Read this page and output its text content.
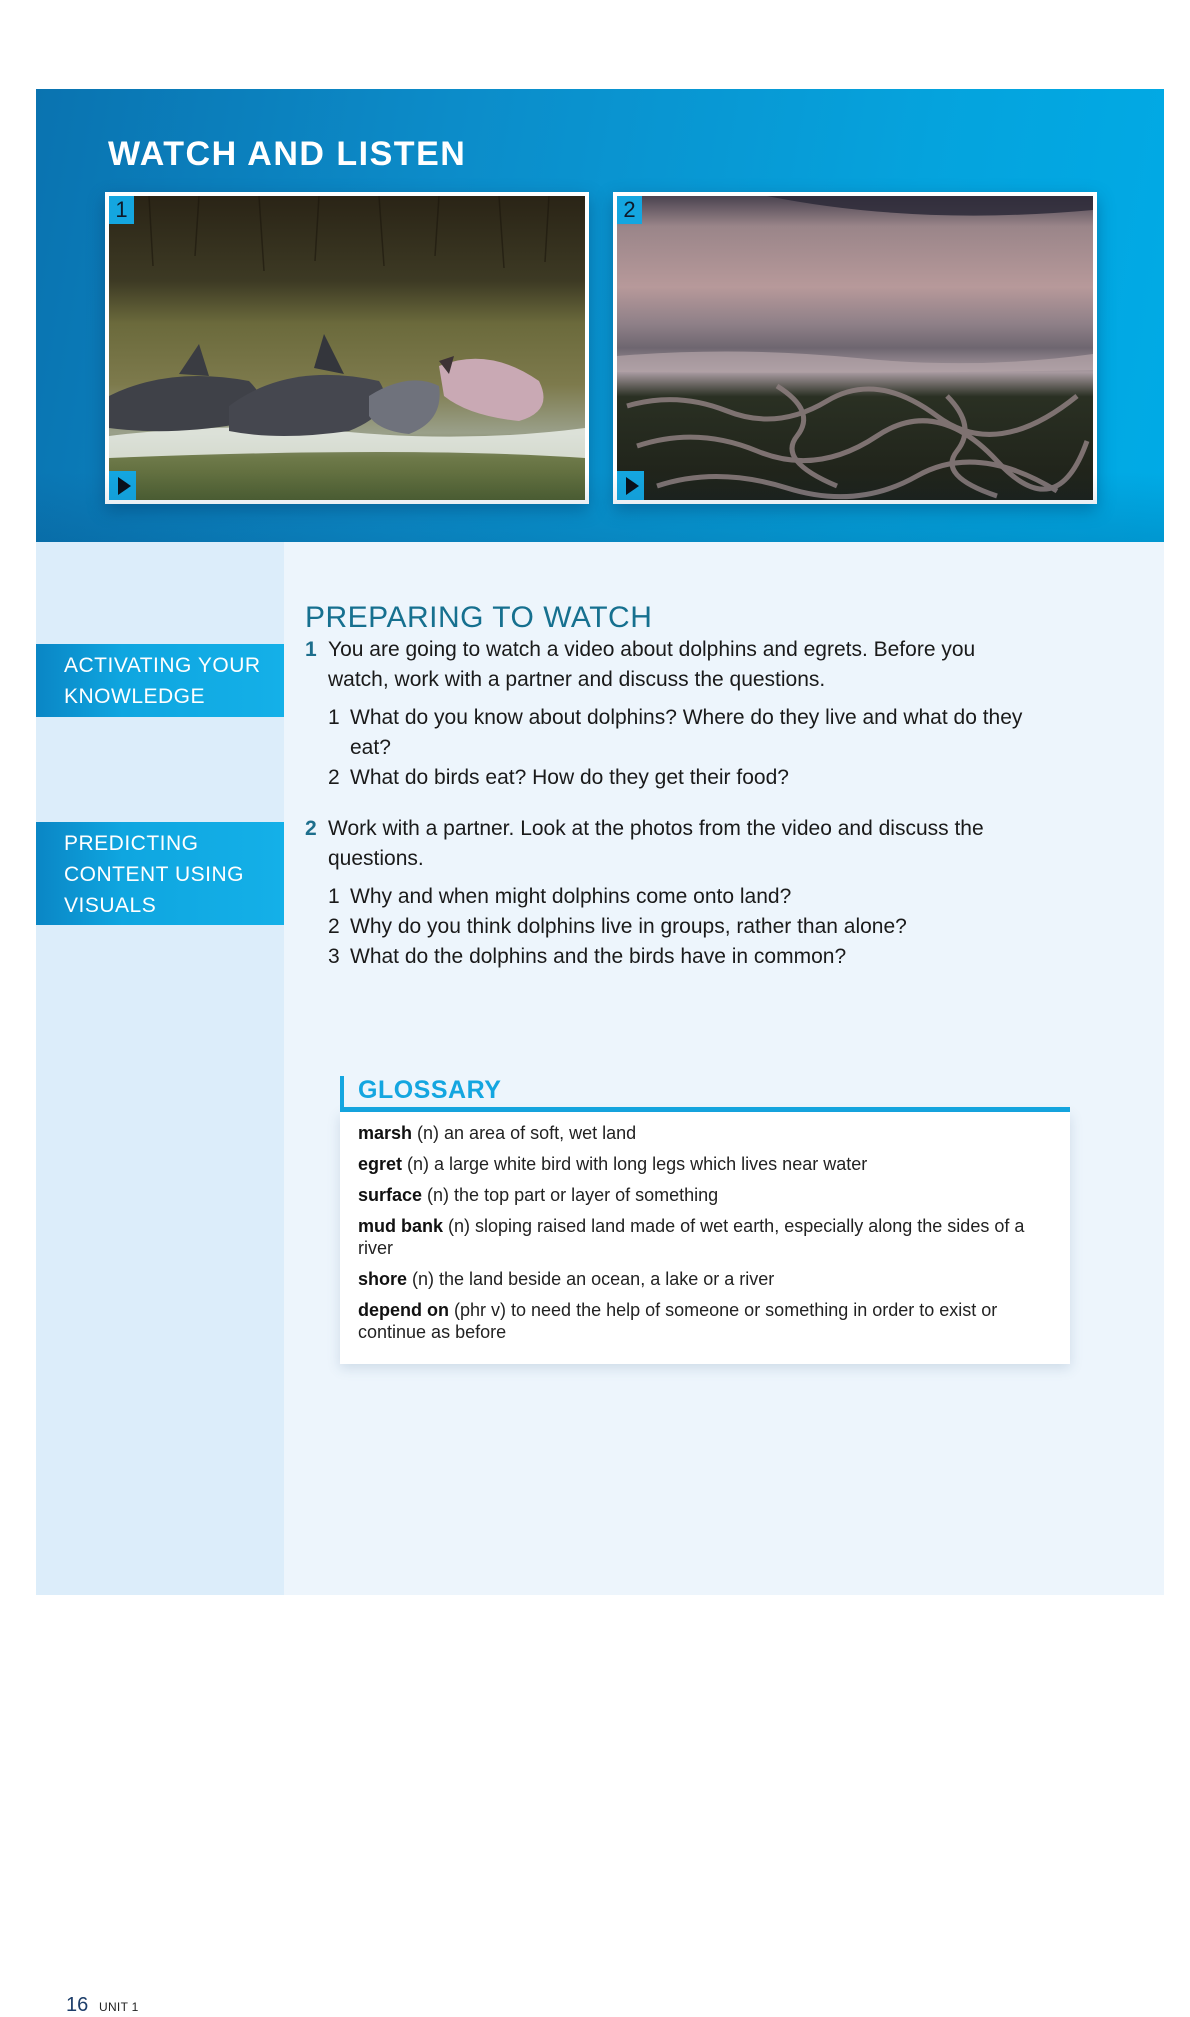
WATCH AND LISTEN
1	2
ACTIVATING YOUR
KNOWLEDGE
PREDICTING
CONTENT USING
VISUALS
16 UNIT 1
PREPARING TO WATCH
1 You are going to watch a video about dolphins and egrets. Before you watch, work with a partner and discuss the questions.
1 What do you know about dolphins? Where do they live and what do they eat?
2 What do birds eat? How do they get their food?
2 Work with a partner. Look at the photos from the video and discuss the questions.
1 Why and when might dolphins come onto land?
2 Why do you think dolphins live in groups, rather than alone?
3 What do the dolphins and the birds have in common?
GLOSSARY
marsh (n) an area of soft, wet land
egret (n) a large white bird with long legs which lives near water
surface (n) the top part or layer of something
mud bank (n) sloping raised land made of wet earth, especially along the sides of a river
shore (n) the land beside an ocean, a lake or a river
depend on (phr v) to need the help of someone or something in order to exist or continue as before
